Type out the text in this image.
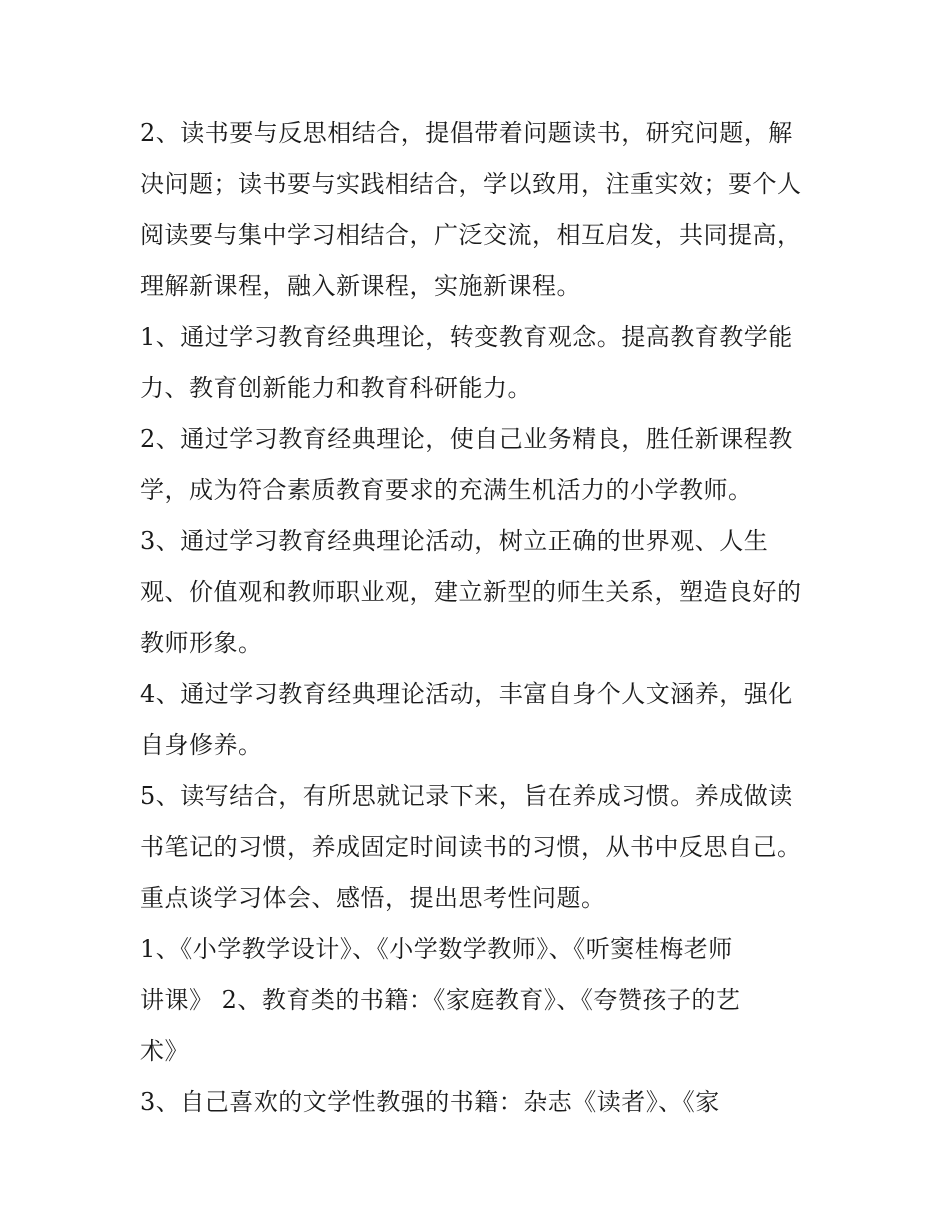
2、读书要与反思相结合，提倡带着问题读书，研究问题，解
决问题；读书要与实践相结合，学以致用，注重实效；要个人
阅读要与集中学习相结合，广泛交流，相互启发，共同提高，
理解新课程，融入新课程，实施新课程。

1、通过学习教育经典理论，转变教育观念。提高教育教学能
力、教育创新能力和教育科研能力。

2、通过学习教育经典理论，使自己业务精良，胜任新课程教
学，成为符合素质教育要求的充满生机活力的小学教师。

3、通过学习教育经典理论活动，树立正确的世界观、人生
观、价值观和教师职业观，建立新型的师生关系，塑造良好的
教师形象。

4、通过学习教育经典理论活动，丰富自身个人文涵养，强化
自身修养。

5、读写结合，有所思就记录下来，旨在养成习惯。养成做读
书笔记的习惯，养成固定时间读书的习惯，从书中反思自己。
重点谈学习体会、感悟，提出思考性问题。

1、《小学教学设计》、《小学数学教师》、《听窦桂梅老师
讲课》 2、教育类的书籍：《家庭教育》、《夸赞孩子的艺
术》

3、自己喜欢的文学性教强的书籍：杂志《读者》、《家
